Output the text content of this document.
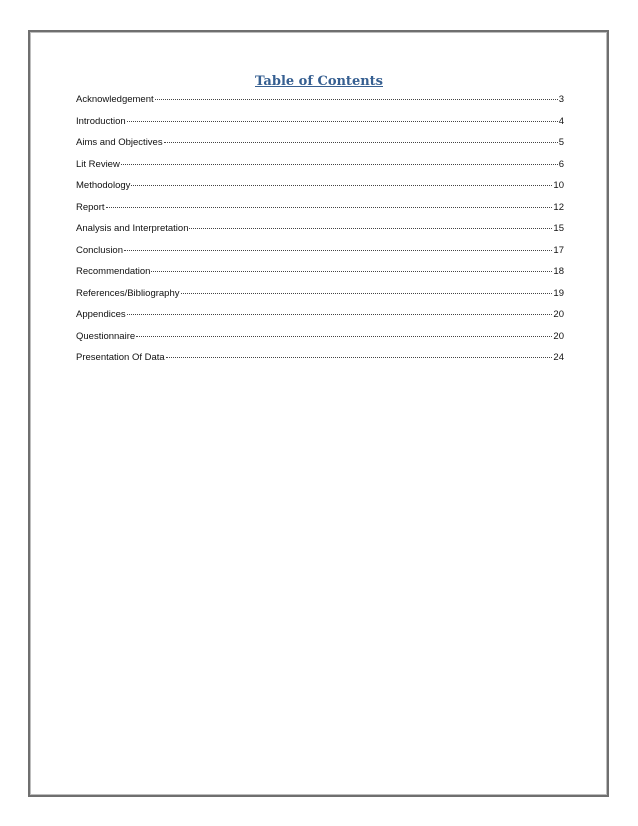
Table of Contents
Acknowledgement	3
Introduction	4
Aims and Objectives	5
Lit Review	6
Methodology	10
Report	12
Analysis and Interpretation	15
Conclusion	17
Recommendation	18
References/Bibliography	19
Appendices	20
Questionnaire	20
Presentation Of Data	24
